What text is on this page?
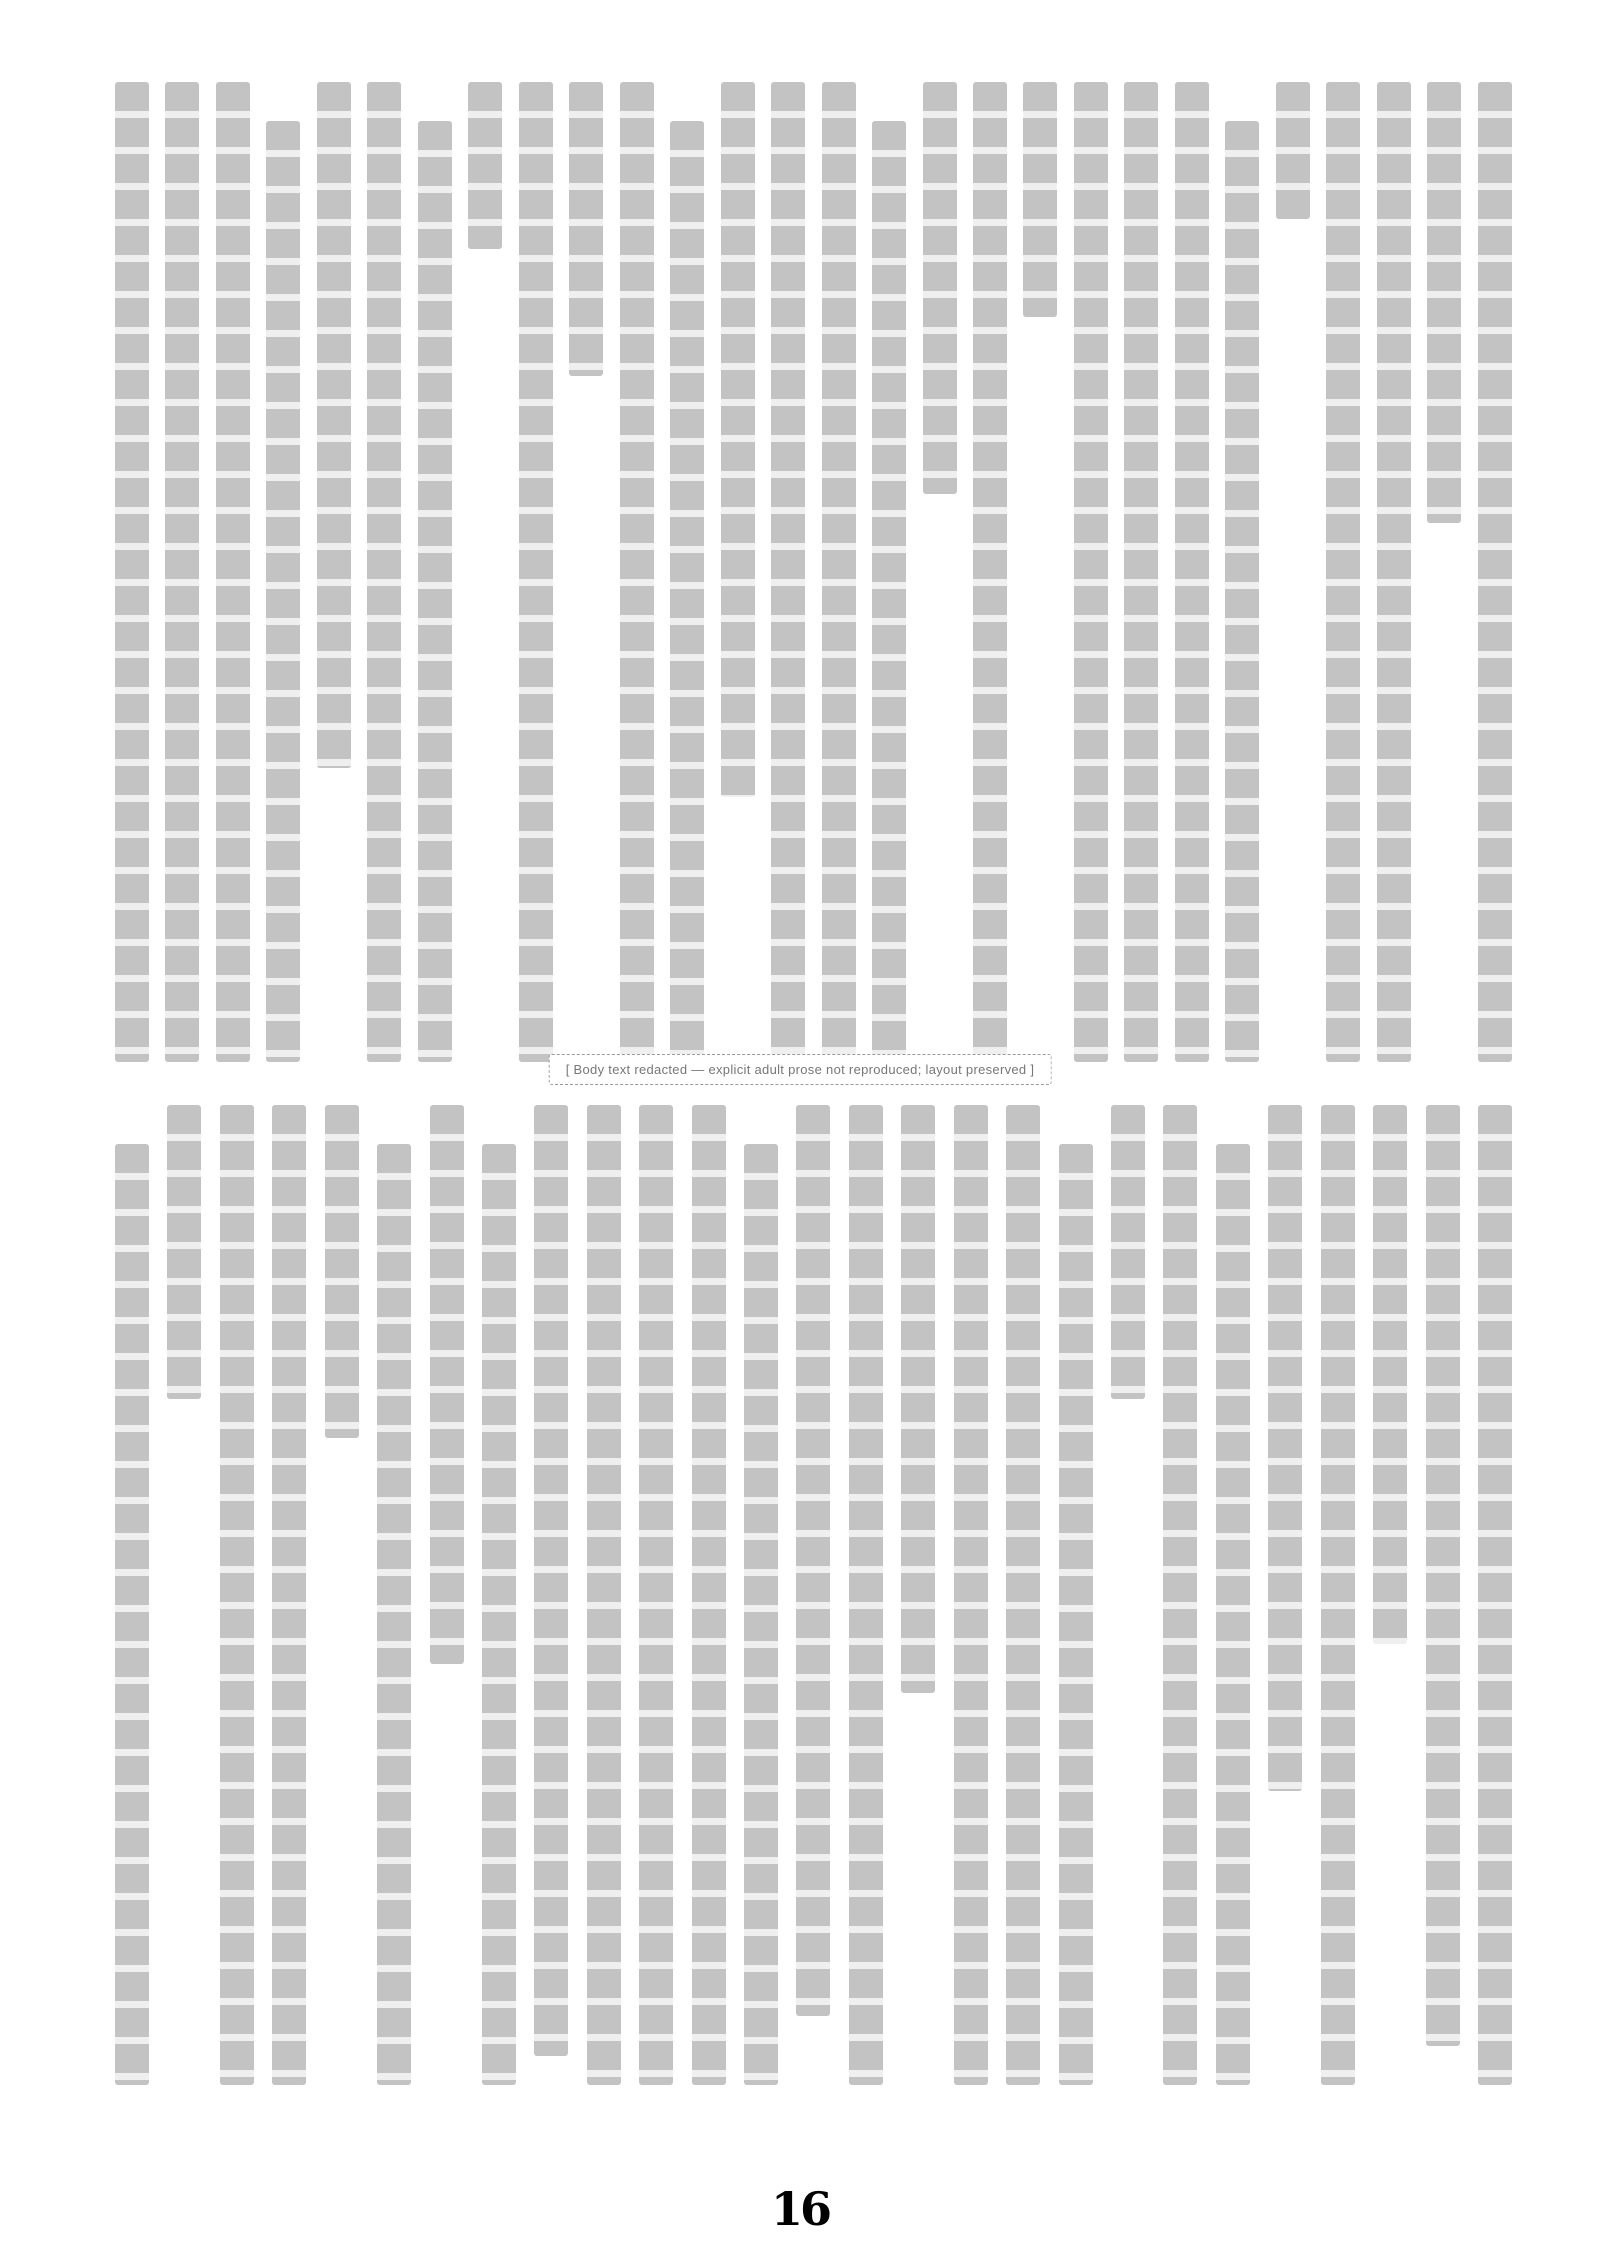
[ Body text redacted — explicit adult prose not reproduced; layout preserved ]
16
